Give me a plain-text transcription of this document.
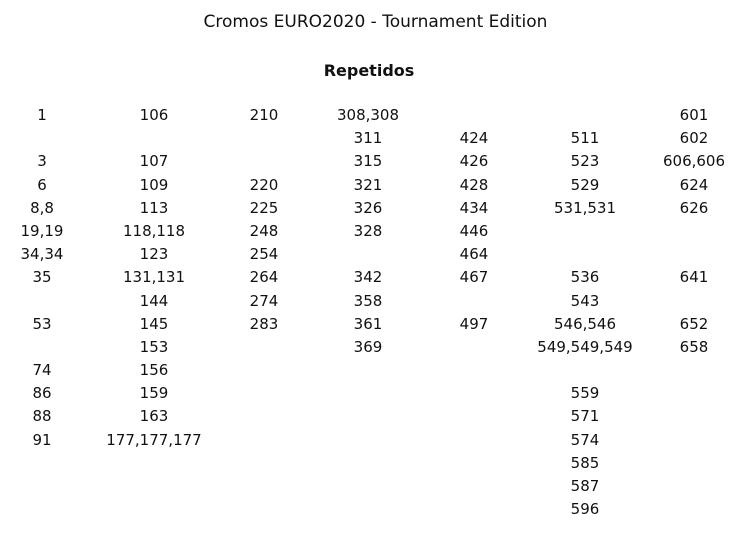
Cromos EURO2020 - Tournament Edition
Repetidos
1
3
6
8,8
19,19
34,34
35
53
74
86
88
91
106
107
109
113
118,118
123
131,131
144
145
153
156
159
163
177,177,177
210
220
225
248
254
264
274
283
308,308
311
315
321
326
328
342
358
361
369
424
426
428
434
446
464
467
497
511
523
529
531,531
536
543
546,546
549,549,549
559
571
574
585
587
596
601
602
606,606
624
626
641
652
658
